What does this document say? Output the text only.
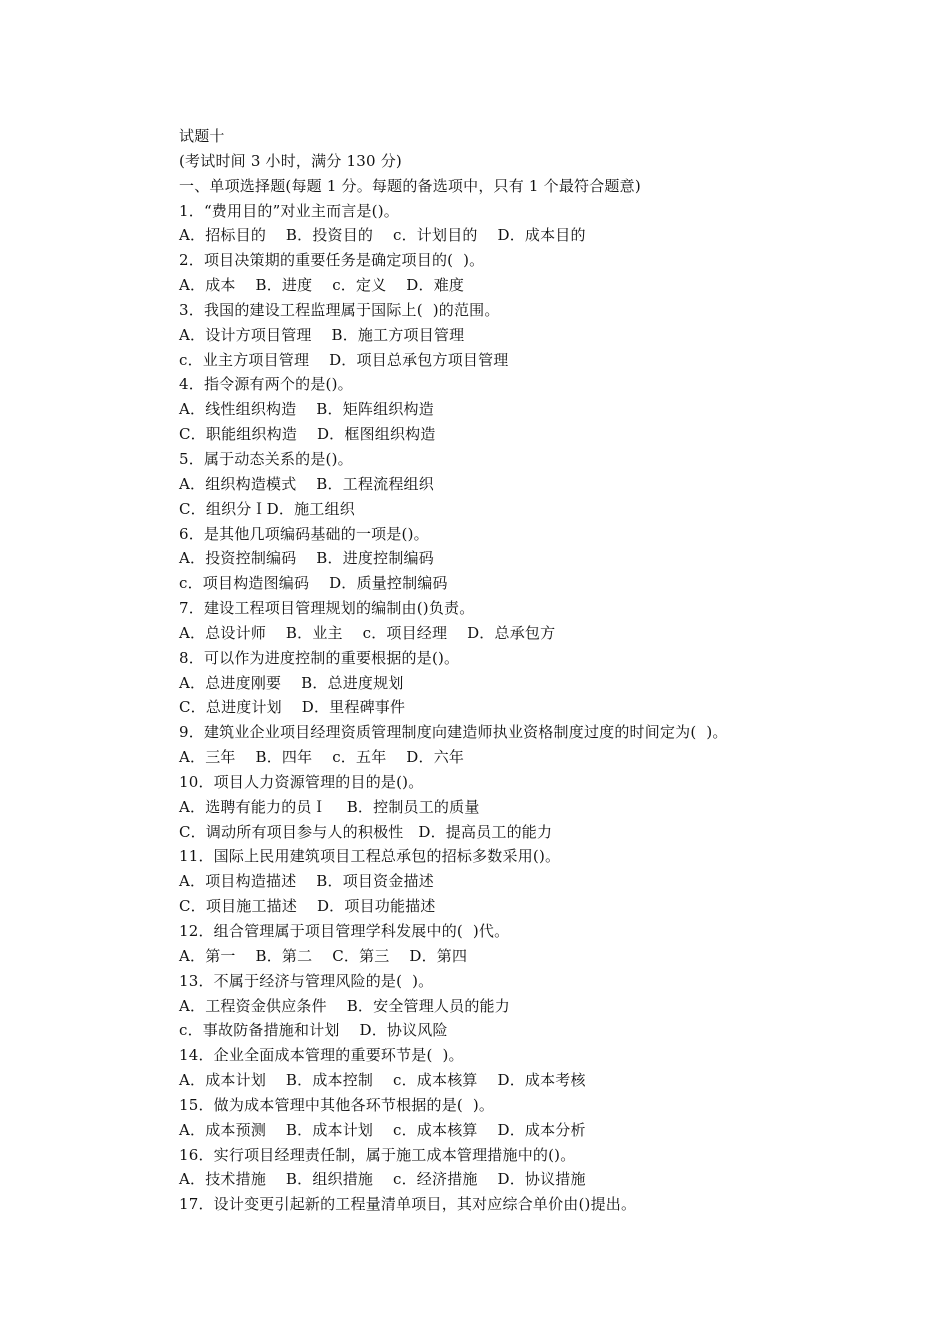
试题十
(考试时间 3 小时，满分 130 分)
一、单项选择题(每题 1 分。每题的备选项中，只有 1 个最符合题意)
1．“费用目的”对业主而言是()。
A．招标目的    B．投资目的    c．计划目的    D．成本目的
2．项目决策期的重要任务是确定项目的(  )。
A．成本    B．进度    c．定义    D．难度
3．我国的建设工程监理属于国际上(  )的范围。
A．设计方项目管理    B．施工方项目管理
c．业主方项目管理    D．项目总承包方项目管理
4．指令源有两个的是()。
A．线性组织构造    B．矩阵组织构造
C．职能组织构造    D．框图组织构造
5．属于动态关系的是()。
A．组织构造模式    B．工程流程组织
C．组织分ＩD．施工组织
6．是其他几项编码基础的一项是()。
A．投资控制编码    B．进度控制编码
c．项目构造图编码    D．质量控制编码
7．建设工程项目管理规划的编制由()负责。
A．总设计师    B．业主    c．项目经理    D．总承包方
8．可以作为进度控制的重要根据的是()。
A．总进度刚要    B．总进度规划
C．总进度计划    D．里程碑事件
9．建筑业企业项目经理资质管理制度向建造师执业资格制度过度的时间定为(  )。
A．三年    B．四年    c．五年    D．六年
10．项目人力资源管理的目的是()。
A．选聘有能力的员Ｉ    B．控制员工的质量
C．调动所有项目参与人的积极性   D．提高员工的能力
11．国际上民用建筑项目工程总承包的招标多数采用()。
A．项目构造描述    B．项目资金描述
C．项目施工描述    D．项目功能描述
12．组合管理属于项目管理学科发展中的(  )代。
A．第一    B．第二    C．第三    D．第四
13．不属于经济与管理风险的是(  )。
A．工程资金供应条件    B．安全管理人员的能力
c．事故防备措施和计划    D．协议风险
14．企业全面成本管理的重要环节是(  )。
A．成本计划    B．成本控制    c．成本核算    D．成本考核
15．做为成本管理中其他各环节根据的是(  )。
A．成本预测    B．成本计划    c．成本核算    D．成本分析
16．实行项目经理责任制，属于施工成本管理措施中的()。
A．技术措施    B．组织措施    c．经济措施    D．协议措施
17．设计变更引起新的工程量清单项目，其对应综合单价由()提出。
